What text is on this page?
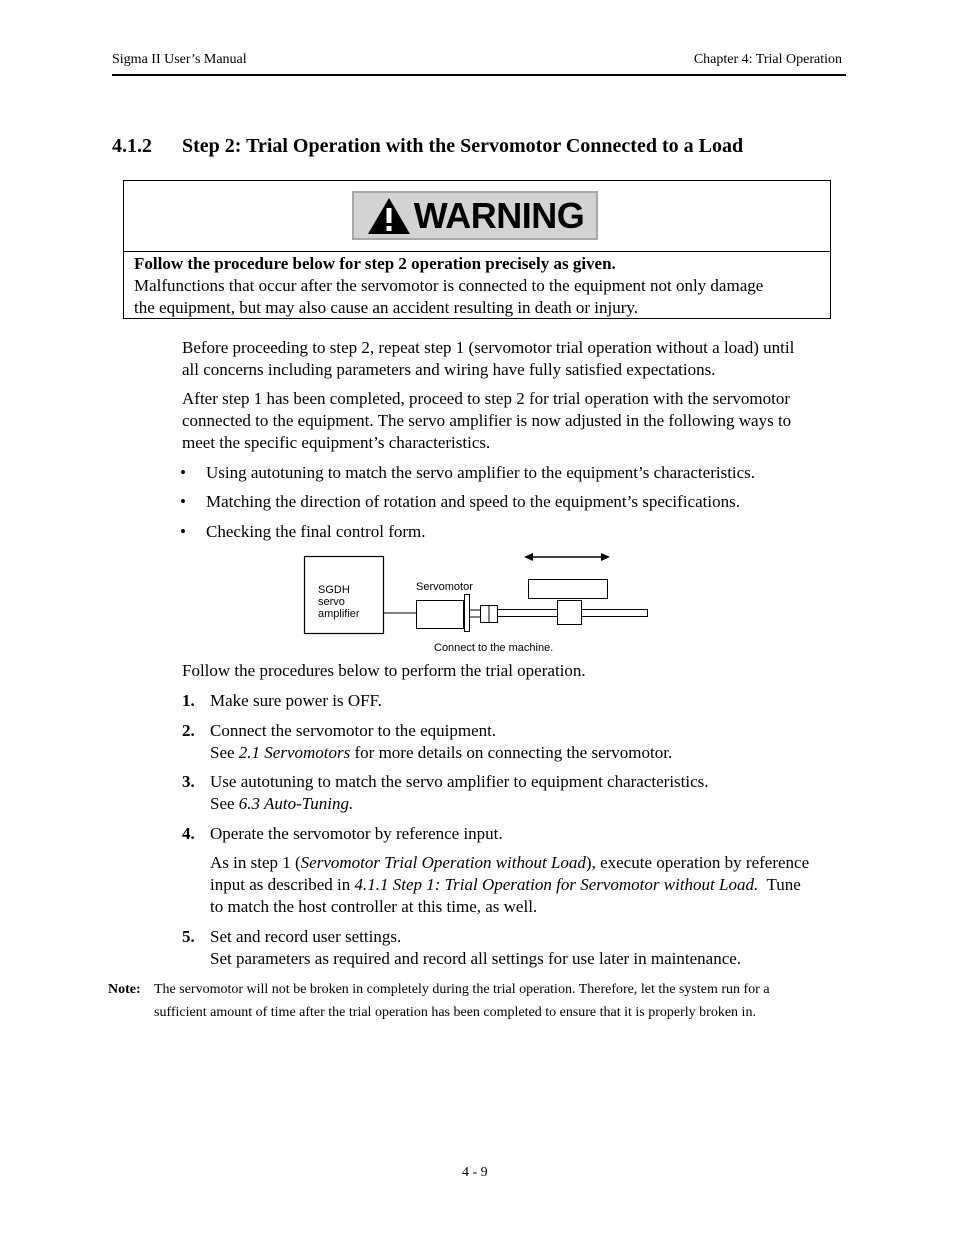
Sigma II User’s Manual	Chapter 4: Trial Operation
4.1.2 Step 2: Trial Operation with the Servomotor Connected to a Load
WARNING
Follow the procedure below for step 2 operation precisely as given.
Malfunctions that occur after the servomotor is connected to the equipment not only damage
the equipment, but may also cause an accident resulting in death or injury.
Before proceeding to step 2, repeat step 1 (servomotor trial operation without a load) until
all concerns including parameters and wiring have fully satisfied expectations.
After step 1 has been completed, proceed to step 2 for trial operation with the servomotor
connected to the equipment. The servo amplifier is now adjusted in the following ways to
meet the specific equipment’s characteristics.
• Using autotuning to match the servo amplifier to the equipment’s characteristics.
• Matching the direction of rotation and speed to the equipment’s specifications.
• Checking the final control form.
SGDH
servo
amplifier
Servomotor
Connect to the machine.
Follow the procedures below to perform the trial operation.
1. Make sure power is OFF.
2. Connect the servomotor to the equipment.
See 2.1 Servomotors for more details on connecting the servomotor.
3. Use autotuning to match the servo amplifier to equipment characteristics.
See 6.3 Auto-Tuning.
4. Operate the servomotor by reference input.
As in step 1 (Servomotor Trial Operation without Load), execute operation by reference
input as described in 4.1.1 Step 1: Trial Operation for Servomotor without Load.  Tune
to match the host controller at this time, as well.
5. Set and record user settings.
Set parameters as required and record all settings for use later in maintenance.
Note: The servomotor will not be broken in completely during the trial operation. Therefore, let the system run for a
sufficient amount of time after the trial operation has been completed to ensure that it is properly broken in.
4 - 9
